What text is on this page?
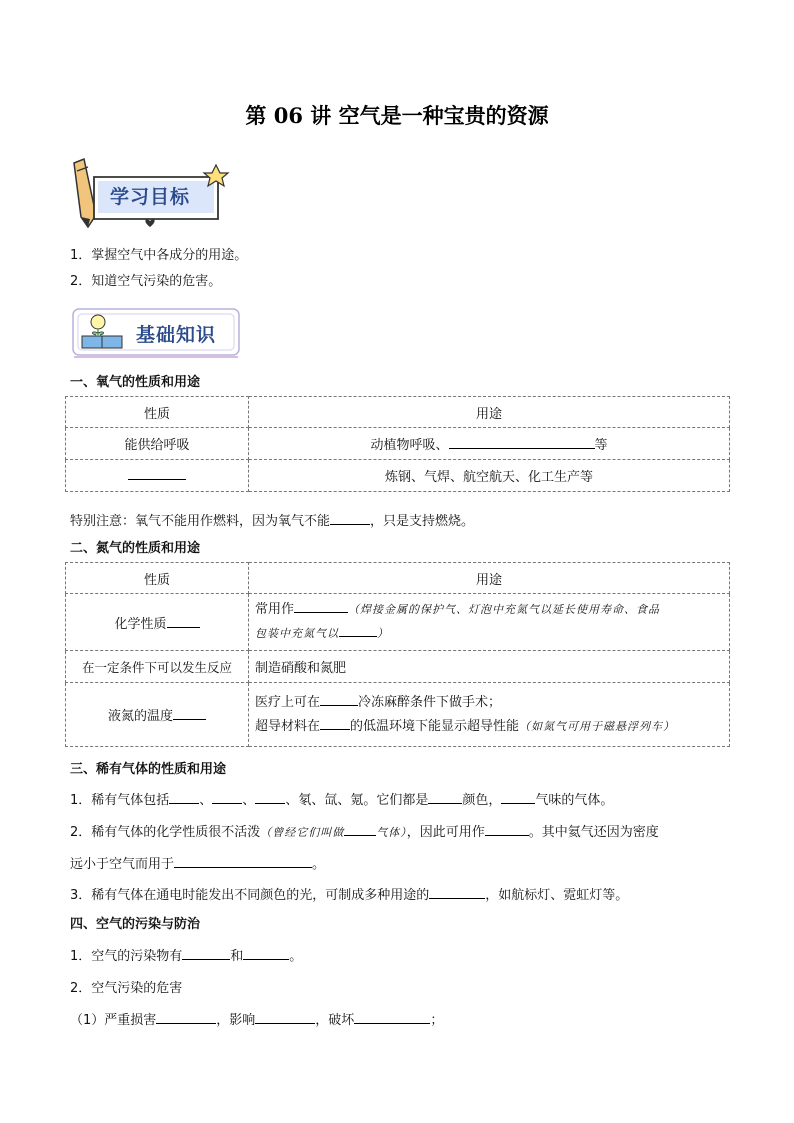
第 06 讲 空气是一种宝贵的资源
学习目标
1．掌握空气中各成分的用途。
2．知道空气污染的危害。
基础知识
一、氧气的性质和用途
性质	用途
能供给呼吸	动植物呼吸、 等
	炼钢、气焊、航空航天、化工生产等
特别注意：氧气不能用作燃料，因为氧气不能	，只是支持燃烧。
二、氮气的性质和用途
性质	用途
化学性质	常用作 （焊接金属的保护气、灯泡中充氮气以延长使用寿命、食品
包装中充氮气以 ）

在一定条件下可以发生反应	制造硝酸和氮肥
液氮的温度	医疗上可在 冷冻麻醉条件下做手术；
超导材料在 的低温环境下能显示超导性能（如氮气可用于磁悬浮列车）
三、稀有气体的性质和用途
1．稀有气体包括 、 、 、氡、氙、氪。它们都是	颜色，	气味的气体。
2．稀有气体的化学性质很不活泼（曾经它们叫做	气体），因此可用作	。其中氦气还因为密度
远小于空气而用于	。
3．稀有气体在通电时能发出不同颜色的光，可制成多种用途的	，如航标灯、霓虹灯等。
四、空气的污染与防治
1．空气的污染物有	和	。
2．空气污染的危害
（1）严重损害	，影响	，破坏	；
